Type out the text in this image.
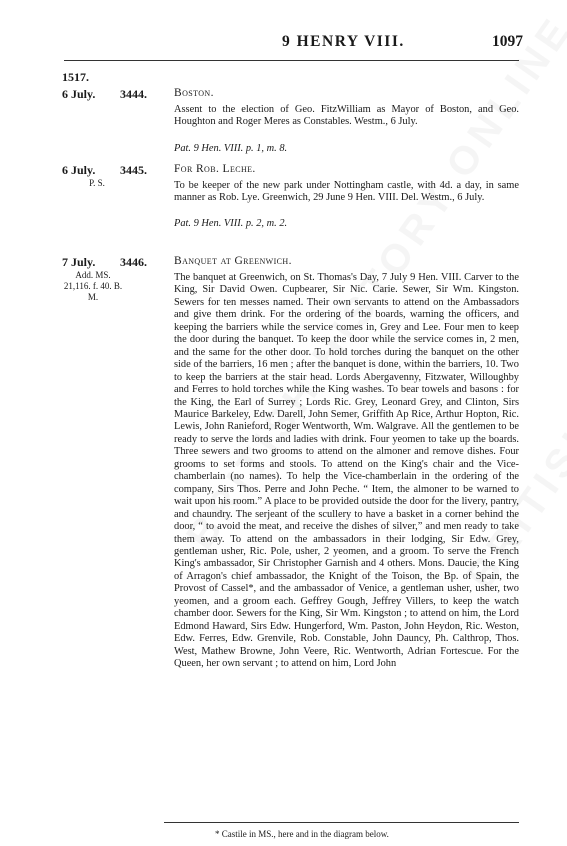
9 HENRY VIII.	1097
1517.
6 July. 3444. Boston.
Assent to the election of Geo. FitzWilliam as Mayor of Boston, and Geo. Houghton and Roger Meres as Constables. Westm., 6 July.
Pat. 9 Hen. VIII. p. 1, m. 8.
6 July. 3445. For Rob. Leche.
P. S.	To be keeper of the new park under Nottingham castle, with 4d. a day, in same manner as Rob. Lye. Greenwich, 29 June 9 Hen. VIII. Del. Westm., 6 July.
Pat. 9 Hen. VIII. p. 2, m. 2.
7 July. 3446. Banquet at Greenwich.
Add. MS. 21,116. f. 40. B. M.
The banquet at Greenwich, on St. Thomas's Day, 7 July 9 Hen. VIII. Carver to the King, Sir David Owen. Cupbearer, Sir Nic. Carie. Sewer, Sir Wm. Kingston. Sewers for ten messes named. Their own servants to attend on the Ambassadors and give them drink. For the ordering of the boards, warning the officers, and keeping the barriers while the service comes in, Grey and Lee. Four men to keep the door during the banquet. To keep the door while the service comes in, 2 men, and the same for the other door. To hold torches during the banquet on the other side of the barriers, 16 men ; after the banquet is done, within the barriers, 10. Two to keep the barriers at the stair head. Lords Abergavenny, Fitzwater, Willoughby and Ferres to hold torches while the King washes. To bear towels and basons : for the King, the Earl of Surrey ; Lords Ric. Grey, Leonard Grey, and Clinton, Sirs Maurice Barkeley, Edw. Darell, John Semer, Griffith Ap Rice, Arthur Hopton, Ric. Lewis, John Ranieford, Roger Wentworth, Wm. Walgrave. All the gentlemen to be ready to serve the lords and ladies with drink. Four yeomen to take up the boards. Three sewers and two grooms to attend on the almoner and remove dishes. Four grooms to set forms and stools. To attend on the King's chair and the Vice-chamberlain (no names). To help the Vice-chamberlain in the ordering of the company, Sirs Thos. Perre and John Peche. “ Item, the almoner to be warned to wait upon his room.” A place to be provided outside the door for the livery, pantry, and chaundry. The serjeant of the scullery to have a basket in a corner behind the door, “ to avoid the meat, and receive the dishes of silver,” and men ready to take them away. To attend on the ambassadors in their lodging, Sir Edw. Grey, gentleman usher, Ric. Pole, usher, 2 yeomen, and a groom. To serve the French King's ambassador, Sir Christopher Garnish and 4 others. Mons. Daucie, the King of Arragon's chief ambassador, the Knight of the Toison, the Bp. of Spain, the Provost of Cassel*, and the ambassador of Venice, a gentleman usher, usher, two yeomen, and a groom each. Geffrey Gough, Jeffrey Villers, to keep the watch chamber door. Sewers for the King, Sir Wm. Kingston ; to attend on him, the Lord Edmond Haward, Sirs Edw. Hungerford, Wm. Paston, John Heydon, Ric. Weston, Edw. Ferres, Edw. Grenvile, Rob. Constable, John Dauncy, Ph. Calthrop, Thos. West, Mathew Browne, John Veere, Ric. Wentworth, Adrian Fortescue. For the Queen, her own servant ; to attend on him, Lord John
* Castile in MS., here and in the diagram below.
